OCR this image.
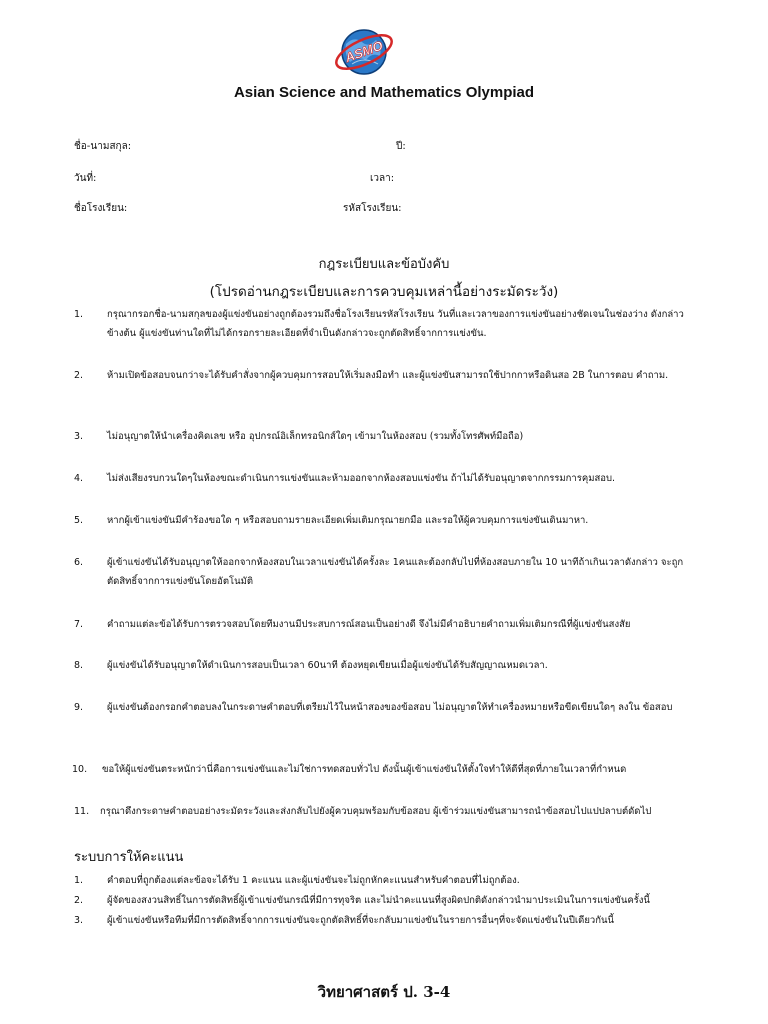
ASMO
Asian Science and Mathematics Olympiad
ชื่อ-นามสกุล:	ปี:
วันที่:	เวลา:
ชื่อโรงเรียน:	รหัสโรงเรียน:
กฎระเบียบและข้อบังคับ
(โปรดอ่านกฎระเบียบและการควบคุมเหล่านี้อย่างระมัดระวัง)
1.	กรุณากรอกชื่อ-นามสกุลของผู้แข่งขันอย่างถูกต้องรวมถึงชื่อโรงเรียนรหัสโรงเรียน วันที่และเวลาของการแข่งขันอย่างชัดเจนในช่องว่าง ดังกล่าวข้างต้น ผู้แข่งขันท่านใดที่ไม่ได้กรอกรายละเอียดที่จำเป็นดังกล่าวจะถูกตัดสิทธิ์จากการแข่งขัน.
2.	ห้ามเปิดข้อสอบจนกว่าจะได้รับคำสั่งจากผู้ควบคุมการสอบให้เริ่มลงมือทำ และผู้แข่งขันสามารถใช้ปากกาหรือดินสอ 2B ในการตอบ คำถาม.
3.	ไม่อนุญาตให้นำเครื่องคิดเลข หรือ อุปกรณ์อิเล็กทรอนิกส์ใดๆ เข้ามาในห้องสอบ (รวมทั้งโทรศัพท์มือถือ)
4.	ไม่ส่งเสียงรบกวนใดๆในห้องขณะดำเนินการแข่งขันและห้ามออกจากห้องสอบแข่งขัน ถ้าไม่ได้รับอนุญาตจากกรรมการคุมสอบ.
5.	หากผู้เข้าแข่งขันมีคำร้องขอใด ๆ หรือสอบถามรายละเอียดเพิ่มเติมกรุณายกมือ และรอให้ผู้ควบคุมการแข่งขันเดินมาหา.
6.	ผู้เข้าแข่งขันได้รับอนุญาตให้ออกจากห้องสอบในเวลาแข่งขันได้ครั้งละ 1คนและต้องกลับไปที่ห้องสอบภายใน 10 นาทีถ้าเกินเวลาดังกล่าว จะถูกตัดสิทธิ์จากการแข่งขันโดยอัตโนมัติ
7.	คำถามแต่ละข้อได้รับการตรวจสอบโดยทีมงานมีประสบการณ์สอนเป็นอย่างดี จึงไม่มีคำอธิบายคำถามเพิ่มเติมกรณีที่ผู้แข่งขันสงสัย
8.	ผู้แข่งขันได้รับอนุญาตให้ดำเนินการสอบเป็นเวลา 60นาที ต้องหยุดเขียนเมื่อผู้แข่งขันได้รับสัญญาณหมดเวลา.
9.	ผู้แข่งขันต้องกรอกคำตอบลงในกระดาษคำตอบที่เตรียมไว้ในหน้าสองของข้อสอบ ไม่อนุญาตให้ทำเครื่องหมายหรือขีดเขียนใดๆ ลงใน ข้อสอบ
10. ขอให้ผู้แข่งขันตระหนักว่านี่คือการแข่งขันและไม่ใช่การทดสอบทั่วไป ดังนั้นผู้เข้าแข่งขันให้ตั้งใจทำให้ดีที่สุดที่ภายในเวลาที่กำหนด
11. กรุณาดึงกระดาษคำตอบอย่างระมัดระวังและส่งกลับไปยังผู้ควบคุมพร้อมกับข้อสอบ ผู้เข้าร่วมแข่งขันสามารถนำข้อสอบไปแปปลาบต์ดัดไป
ระบบการให้คะแนน
1.	คำตอบที่ถูกต้องแต่ละข้อจะได้รับ 1 คะแนน และผู้แข่งขันจะไม่ถูกหักคะแนนสำหรับคำตอบที่ไม่ถูกต้อง.
2.	ผู้จัดของสงวนสิทธิ์ในการตัดสิทธิ์ผู้เข้าแข่งขันกรณีที่มีการทุจริต และไม่นำคะแนนที่สูงผิดปกติดังกล่าวนำมาประเมินในการแข่งขันครั้งนี้
3.	ผู้เข้าแข่งขันหรือทีมที่มีการตัดสิทธิ์จากการแข่งขันจะถูกตัดสิทธิ์ที่จะกลับมาแข่งขันในรายการอื่นๆที่จะจัดแข่งขันในปีเดียวกันนี้
วิทยาศาสตร์ ป. 3-4
